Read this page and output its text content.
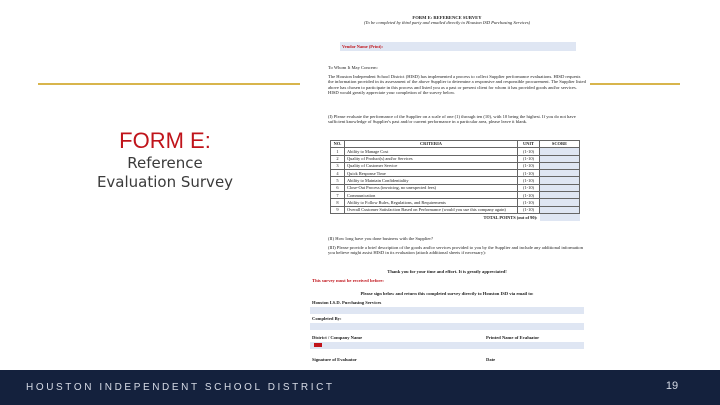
FORM E:
Reference
Evaluation Survey
FORM E: REFERENCE SURVEY
(To be completed by third party and emailed directly to Houston ISD Purchasing Services)
Vendor Name (Print):
To Whom It May Concern:
The Houston Independent School District (HISD) has implemented a process to collect Supplier performance evaluations. HISD requests the information provided in its assessment of the above Supplier to determine a responsive and responsible procurement. The Supplier listed above has chosen to participate in this process and listed you as a past or present client for whom it has provided goods and/or services. HISD would greatly appreciate your completion of the survey below.
(I) Please evaluate the performance of the Supplier on a scale of one (1) through ten (10), with 10 being the highest. If you do not have sufficient knowledge of Supplier's past and/or current performance in a particular area, please leave it blank.
NO.	CRITERIA	UNIT	SCORE
1	Ability to Manage Cost	(1-10)	
2	Quality of Product(s) and/or Services	(1-10)	
3	Quality of Customer Service	(1-10)	
4	Quick Response Time	(1-10)	
5	Ability to Maintain Confidentiality	(1-10)	
6	Close-Out Process (invoicing, no unexpected fees)	(1-10)	
7	Communication	(1-10)	
8	Ability to Follow Rules, Regulations, and Requirements	(1-10)	
9	Overall Customer Satisfaction Based on Performance (would you use this company again)	(1-10)	
TOTAL POINTS (out of 90):			
(II) How long have you done business with the Supplier?
(III) Please provide a brief description of the goods and/or services provided to you by the Supplier and include any additional information you believe might assist HISD in its evaluation (attach additional sheets if necessary):
Thank you for your time and effort. It is greatly appreciated!
This survey must be received before:
Please sign below and return this completed survey directly to Houston ISD via email to:
Houston I.S.D. Purchasing Services
Completed By:
District / Company Name	Printed Name of Evaluator
Signature of Evaluator	Date
HOUSTON INDEPENDENT SCHOOL DISTRICT	19
